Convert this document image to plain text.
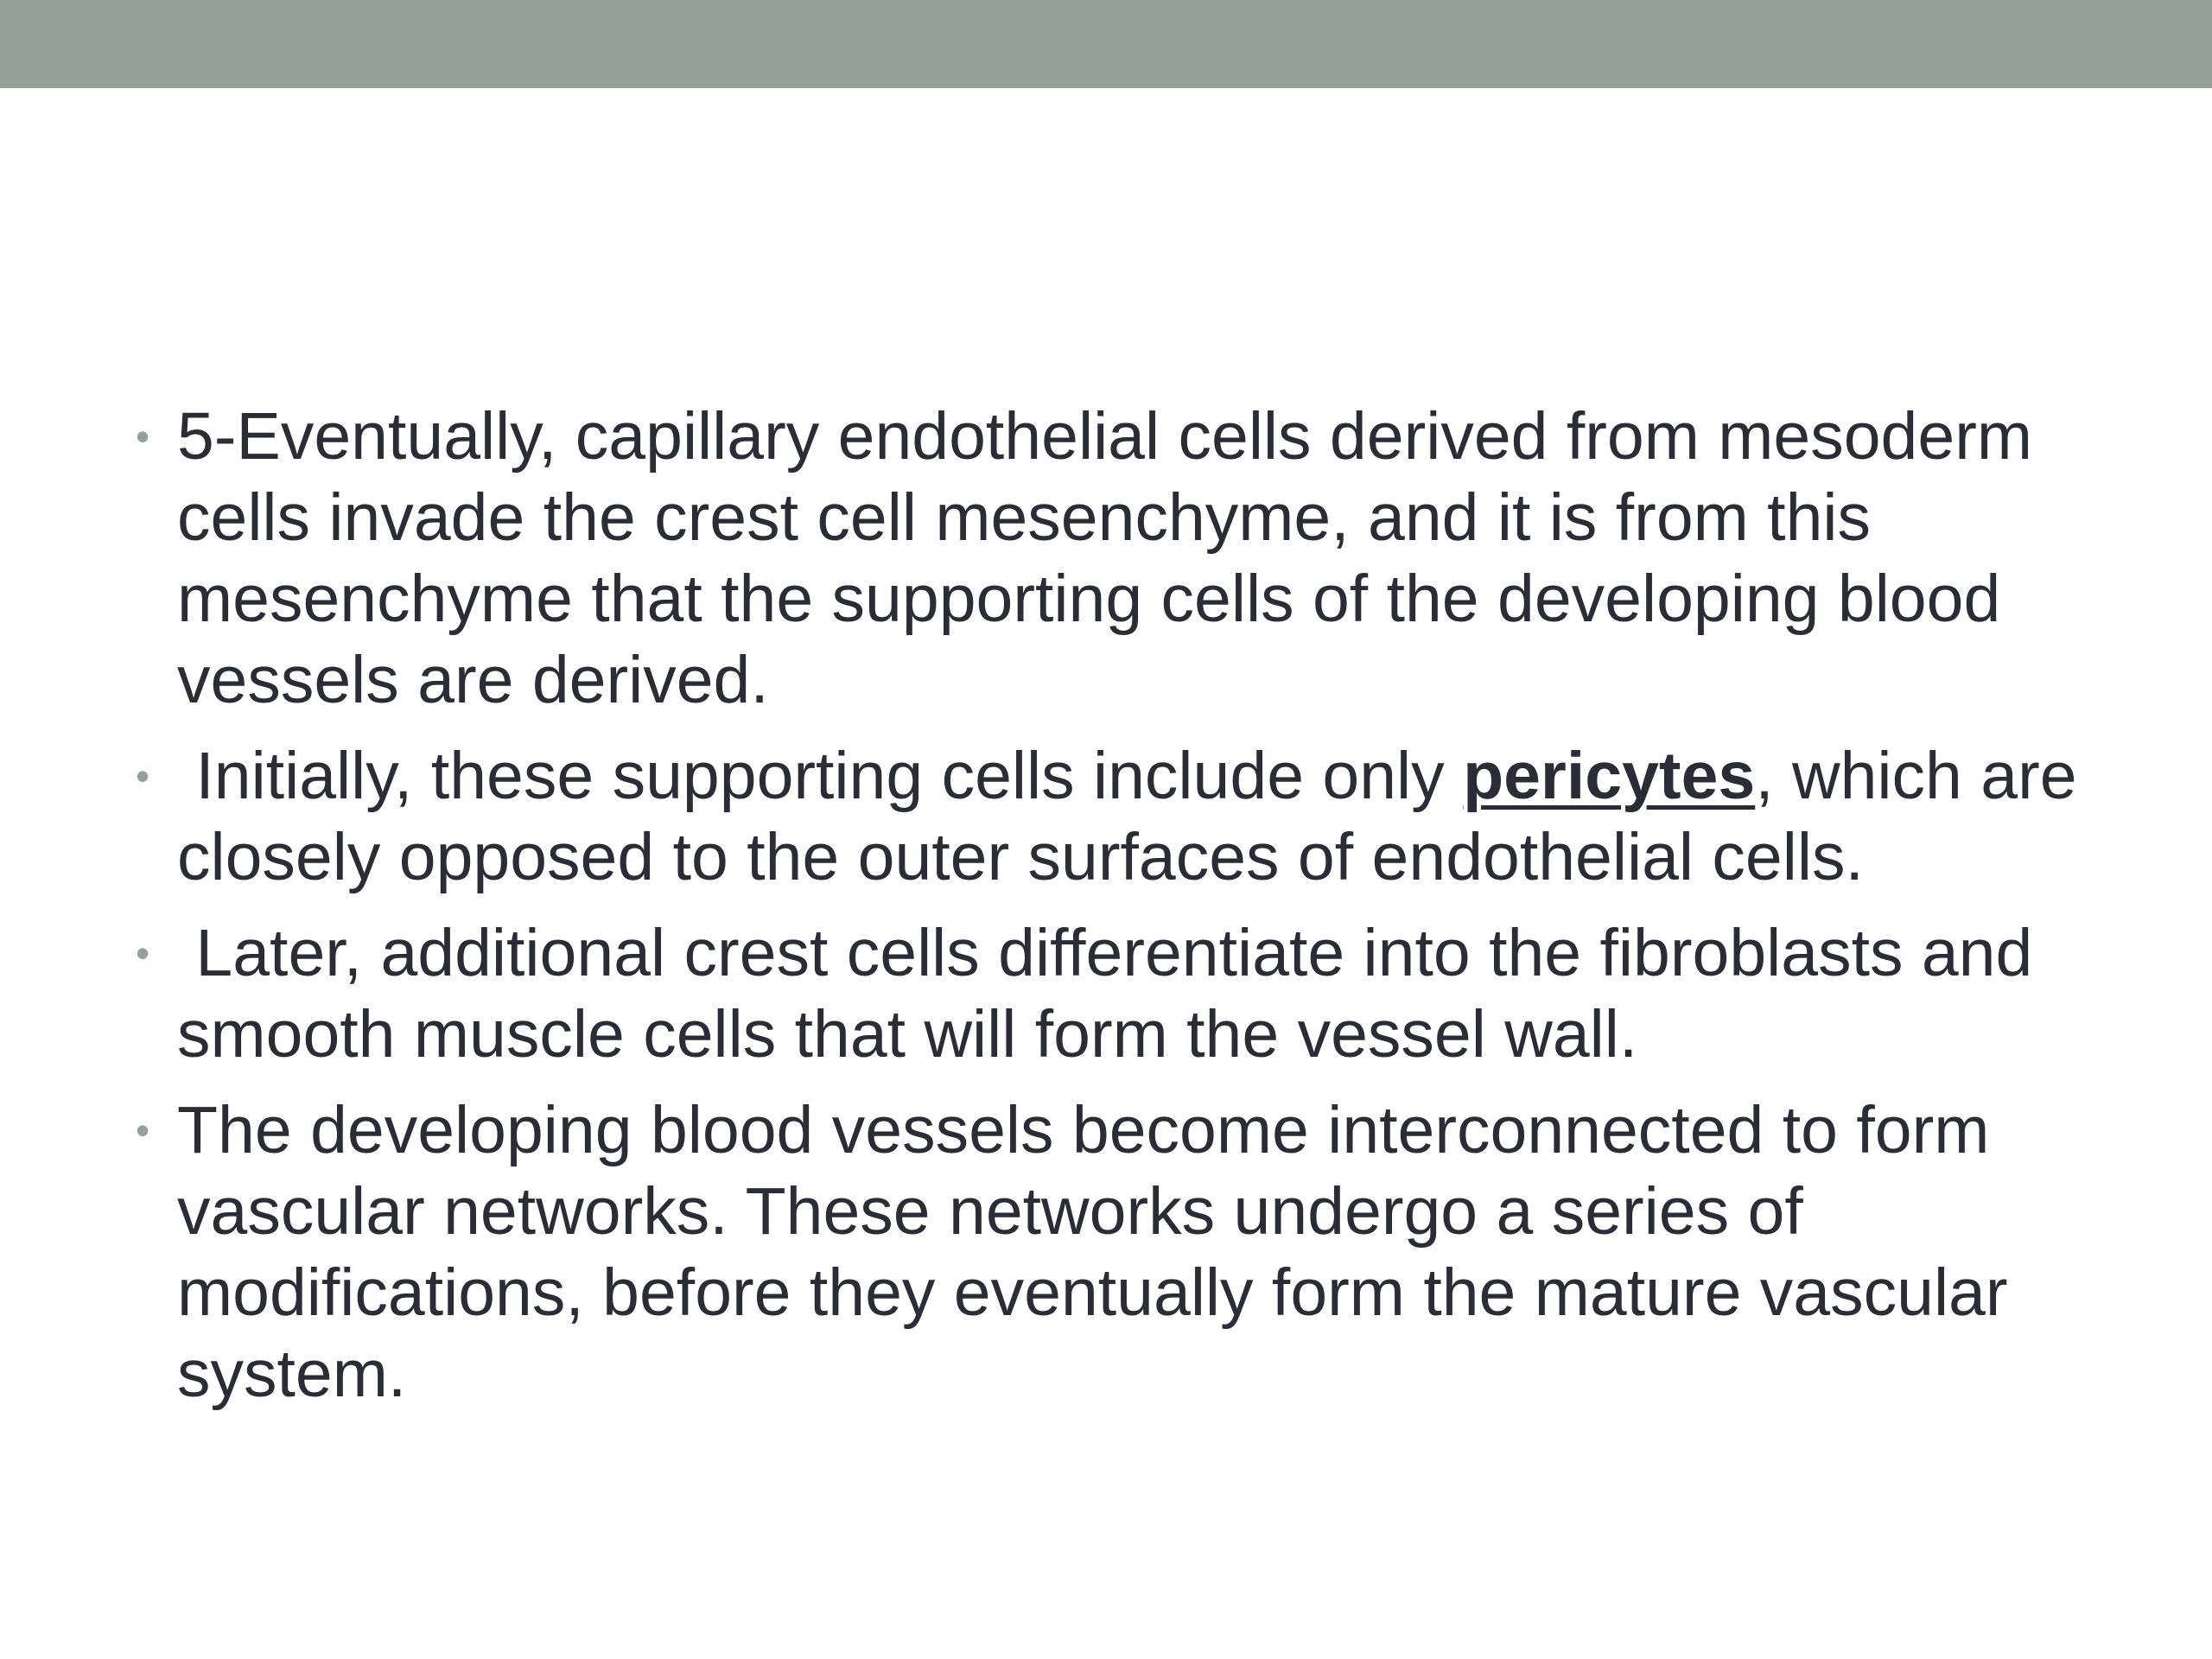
• 5-Eventually, capillary endothelial cells derived from mesoderm cells invade the crest cell mesenchyme, and it is from this mesenchyme that the supporting cells of the developing blood vessels are derived.
• Initially, these supporting cells include only pericytes, which are closely opposed to the outer surfaces of endothelial cells.
• Later, additional crest cells differentiate into the fibroblasts and smooth muscle cells that will form the vessel wall.
• The developing blood vessels become interconnected to form vascular networks. These networks undergo a series of modifications, before they eventually form the mature vascular system.
